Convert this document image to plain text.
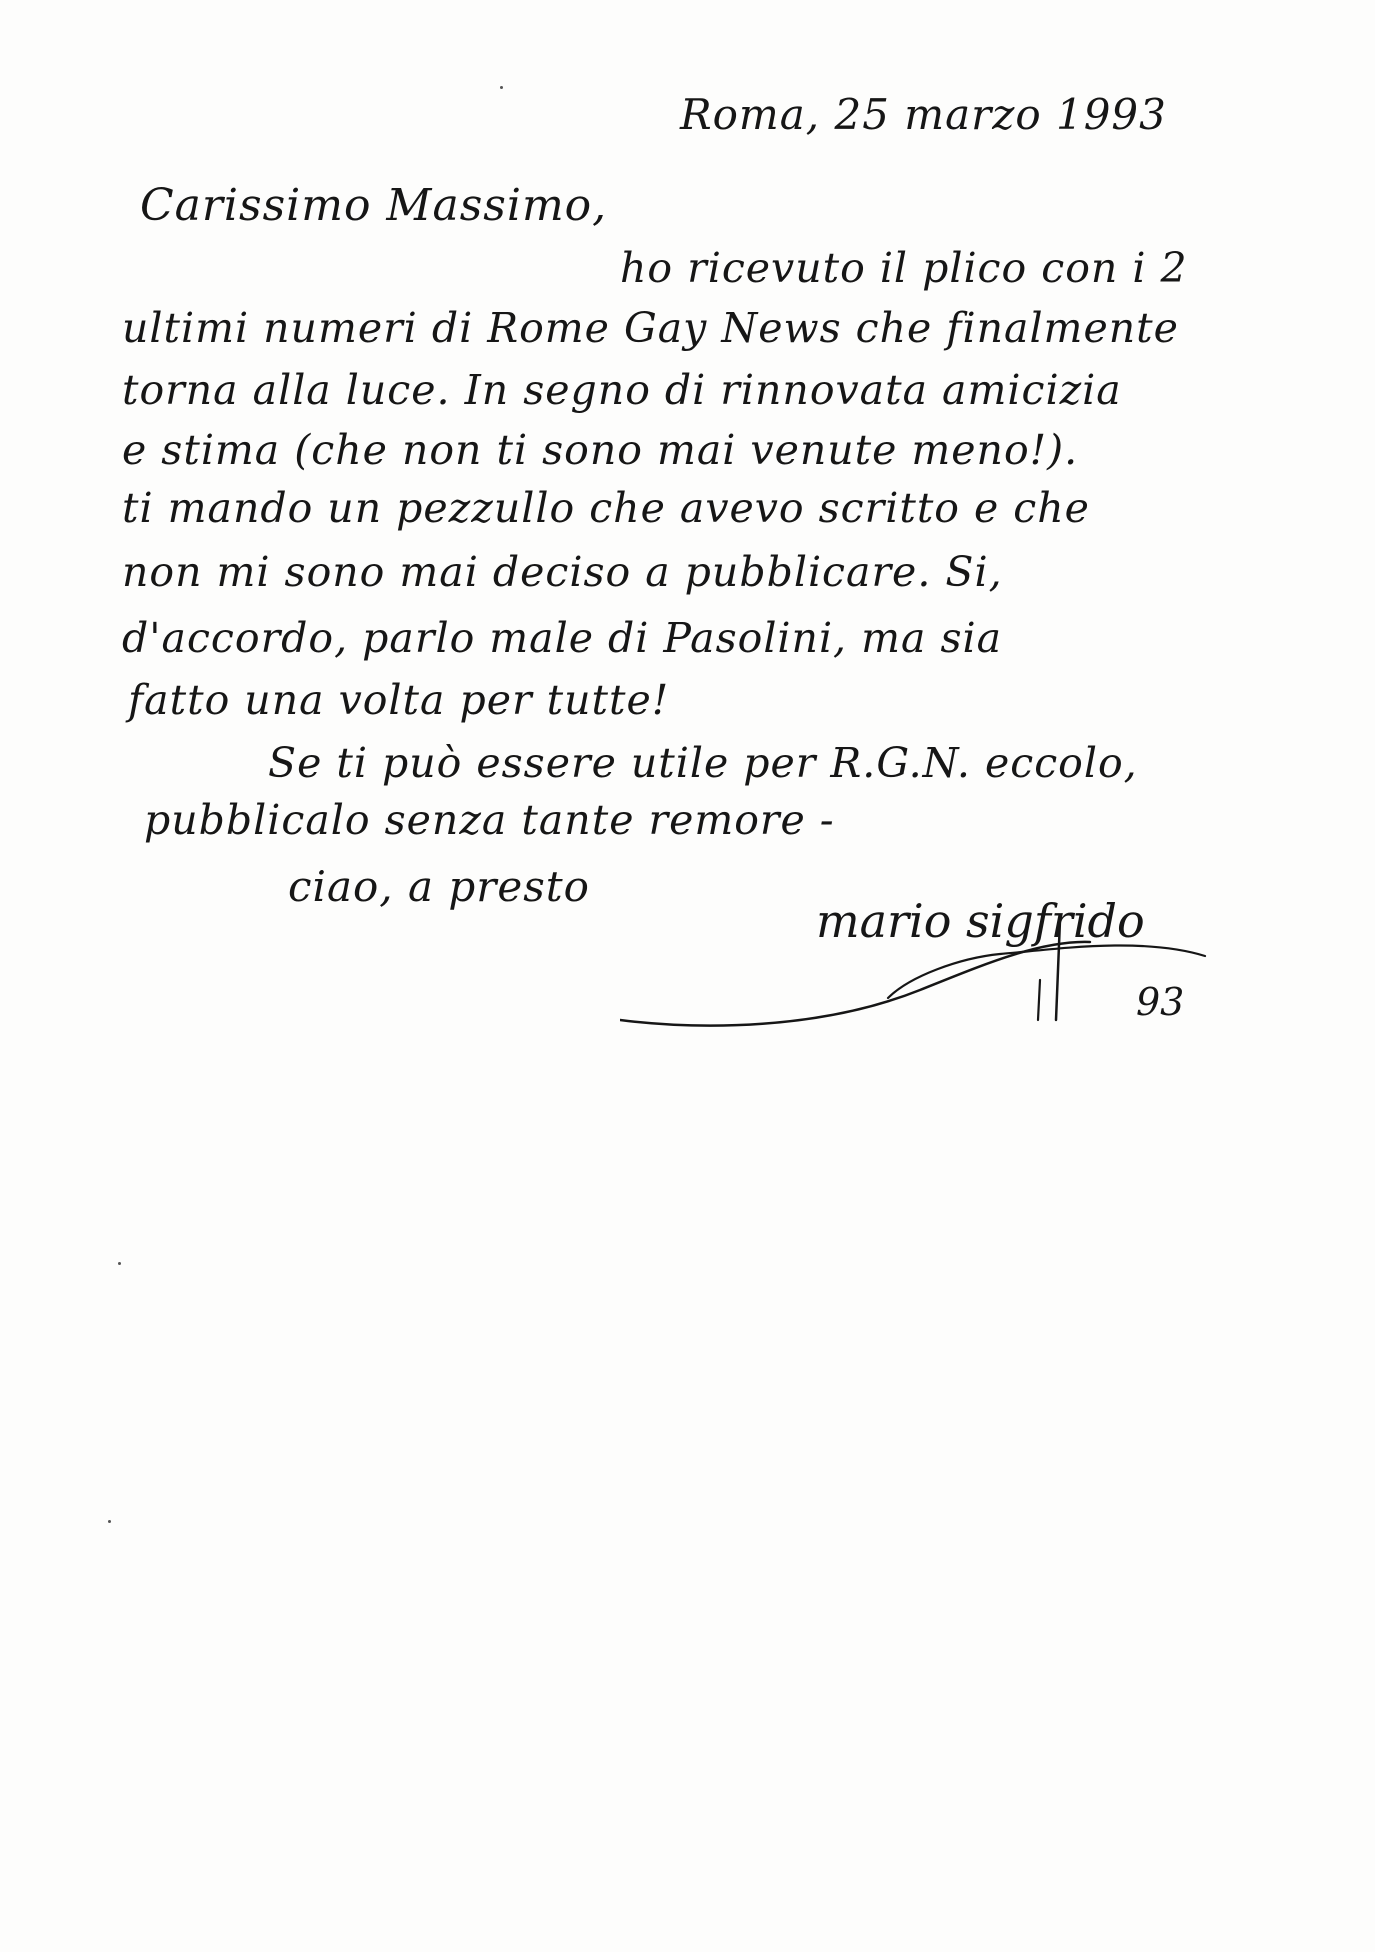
Roma, 25 marzo 1993
Carissimo Massimo,
ho ricevuto il plico con i 2
ultimi numeri di Rome Gay News che finalmente
torna alla luce. In segno di rinnovata amicizia
e stima (che non ti sono mai venute meno!).
ti mando un pezzullo che avevo scritto e che
non mi sono mai deciso a pubblicare. Si,
d'accordo, parlo male di Pasolini, ma sia
fatto una volta per tutte!
Se ti può essere utile per R.G.N. eccolo,
pubblicalo senza tante remore -
ciao, a presto
mario sigfrido
93
